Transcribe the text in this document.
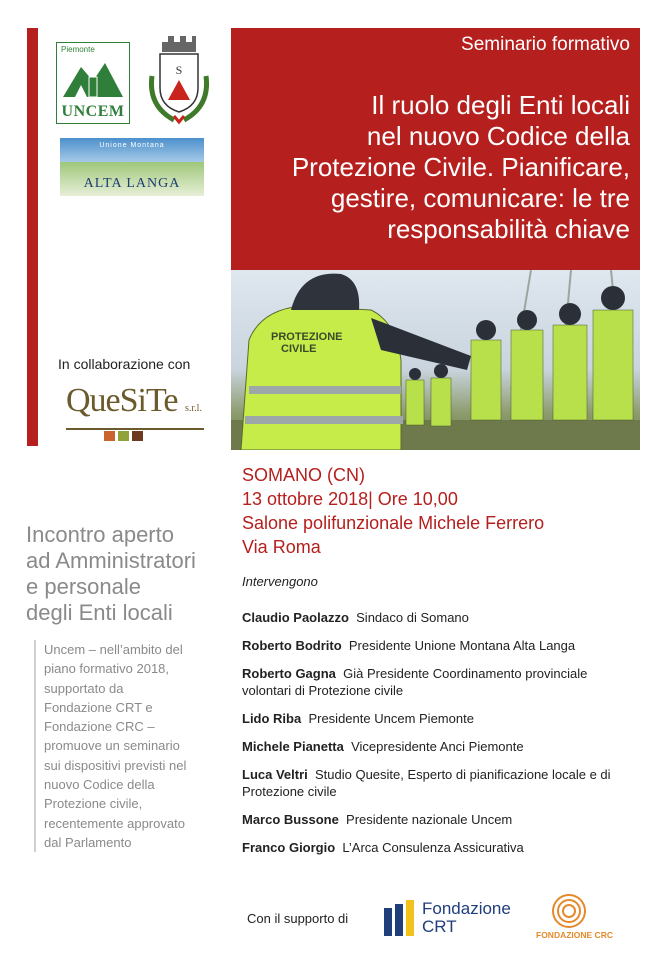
Piemonte
UNCEM
S
Unione Montana
ALTA LANGA
In collaborazione con
QueSiTe s.r.l.
Seminario formativo
Il ruolo degli Enti locali
nel nuovo Codice della
Protezione Civile. Pianificare,
gestire, comunicare: le tre
responsabilità chiave
PROTEZIONE
CIVILE
Incontro aperto
ad Amministratori
e personale
degli Enti locali
Uncem – nell’ambito del
piano formativo 2018,
supportato da
Fondazione CRT e
Fondazione CRC –
promuove un seminario
sui dispositivi previsti nel
nuovo Codice della
Protezione civile,
recentemente approvato
dal Parlamento
SOMANO (CN)
13 ottobre 2018| Ore 10,00
Salone polifunzionale Michele Ferrero
Via Roma
Intervengono
Claudio Paolazzo Sindaco di Somano
Roberto Bodrito Presidente Unione Montana Alta Langa
Roberto Gagna Già Presidente Coordinamento provinciale volontari di Protezione civile
Lido Riba Presidente Uncem Piemonte
Michele Pianetta Vicepresidente Anci Piemonte
Luca Veltri Studio Quesite, Esperto di pianificazione locale e di Protezione civile
Marco Bussone Presidente nazionale Uncem
Franco Giorgio L’Arca Consulenza Assicurativa
Con il supporto di
Fondazione
CRT	FONDAZIONE CRC
